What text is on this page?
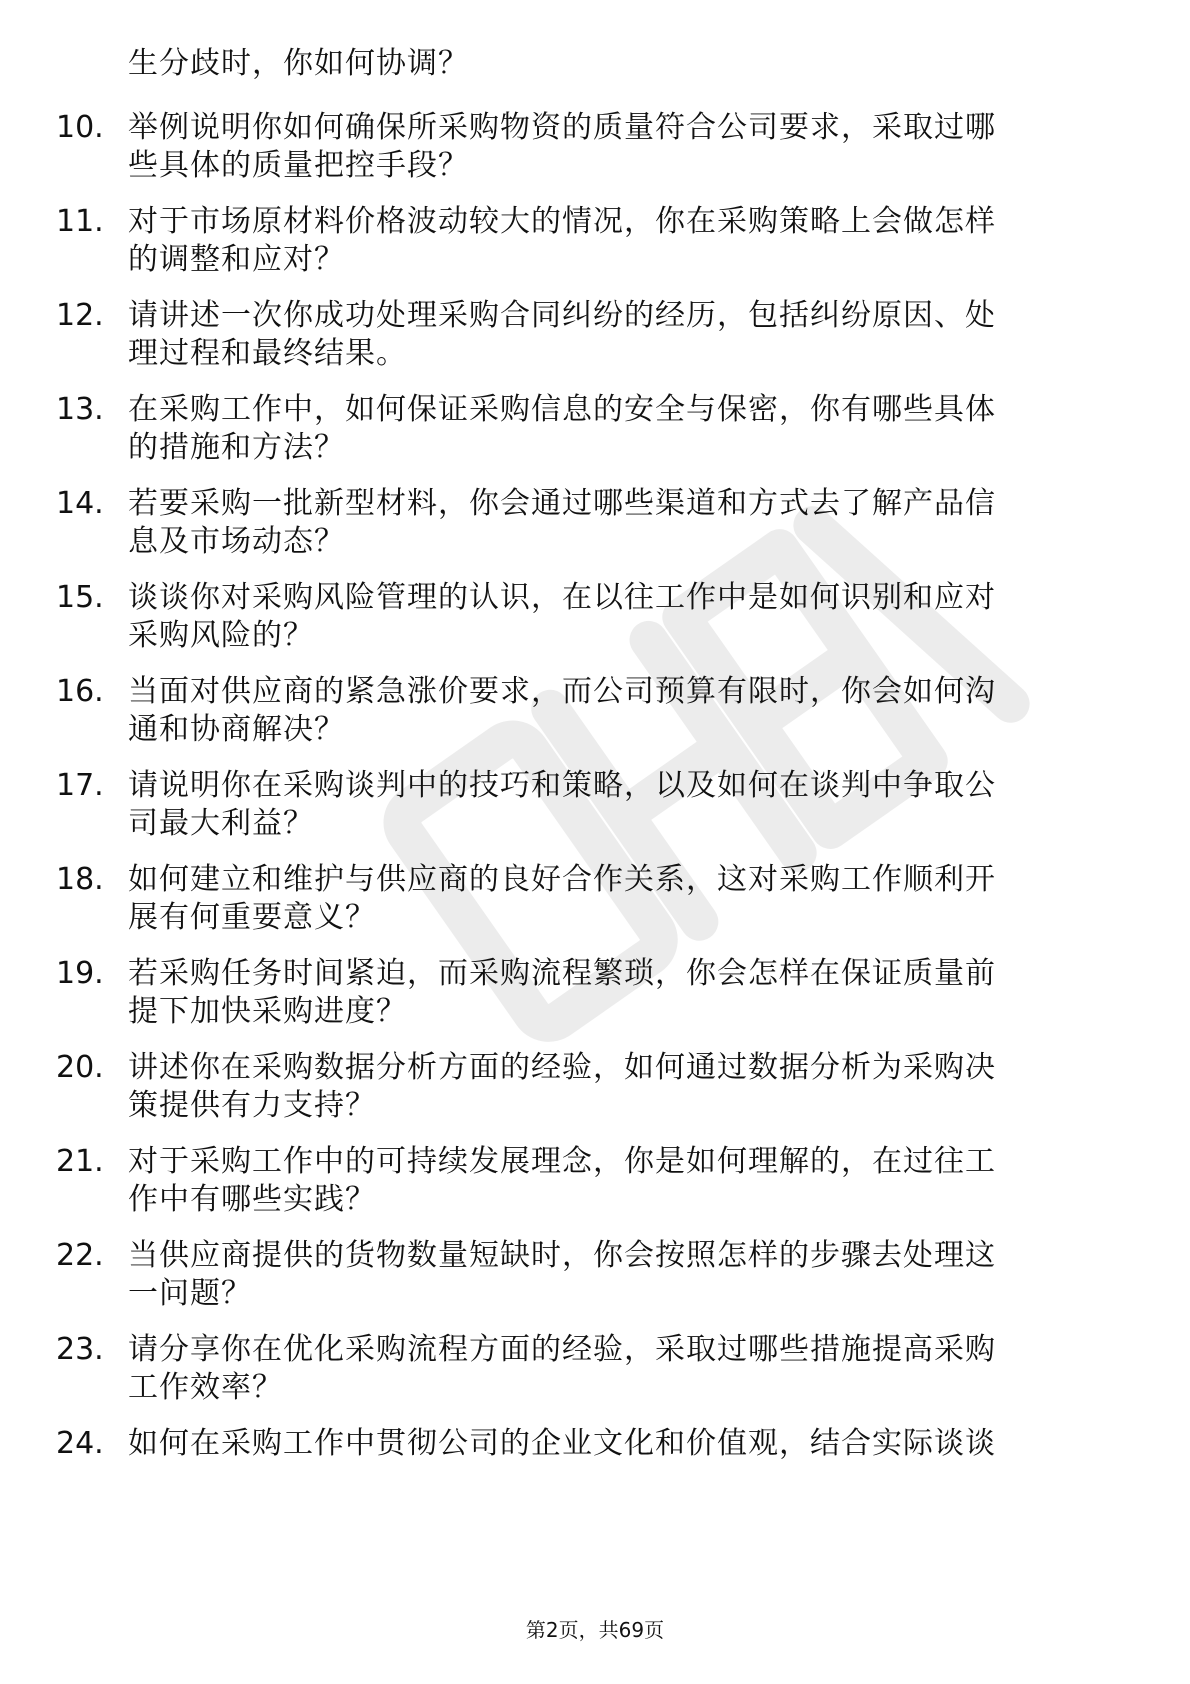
生分歧时，你如何协调？
10. 举例说明你如何确保所采购物资的质量符合公司要求，采取过哪
些具体的质量把控手段？
11. 对于市场原材料价格波动较大的情况，你在采购策略上会做怎样
的调整和应对？
12. 请讲述一次你成功处理采购合同纠纷的经历，包括纠纷原因、处
理过程和最终结果。
13. 在采购工作中，如何保证采购信息的安全与保密，你有哪些具体
的措施和方法？
14. 若要采购一批新型材料，你会通过哪些渠道和方式去了解产品信
息及市场动态？
15. 谈谈你对采购风险管理的认识，在以往工作中是如何识别和应对
采购风险的？
16. 当面对供应商的紧急涨价要求，而公司预算有限时，你会如何沟
通和协商解决？
17. 请说明你在采购谈判中的技巧和策略，以及如何在谈判中争取公
司最大利益？
18. 如何建立和维护与供应商的良好合作关系，这对采购工作顺利开
展有何重要意义？
19. 若采购任务时间紧迫，而采购流程繁琐，你会怎样在保证质量前
提下加快采购进度？
20. 讲述你在采购数据分析方面的经验，如何通过数据分析为采购决
策提供有力支持？
21. 对于采购工作中的可持续发展理念，你是如何理解的，在过往工
作中有哪些实践？
22. 当供应商提供的货物数量短缺时，你会按照怎样的步骤去处理这
一问题？
23. 请分享你在优化采购流程方面的经验，采取过哪些措施提高采购
工作效率？
24. 如何在采购工作中贯彻公司的企业文化和价值观，结合实际谈谈
第2页，共69页
